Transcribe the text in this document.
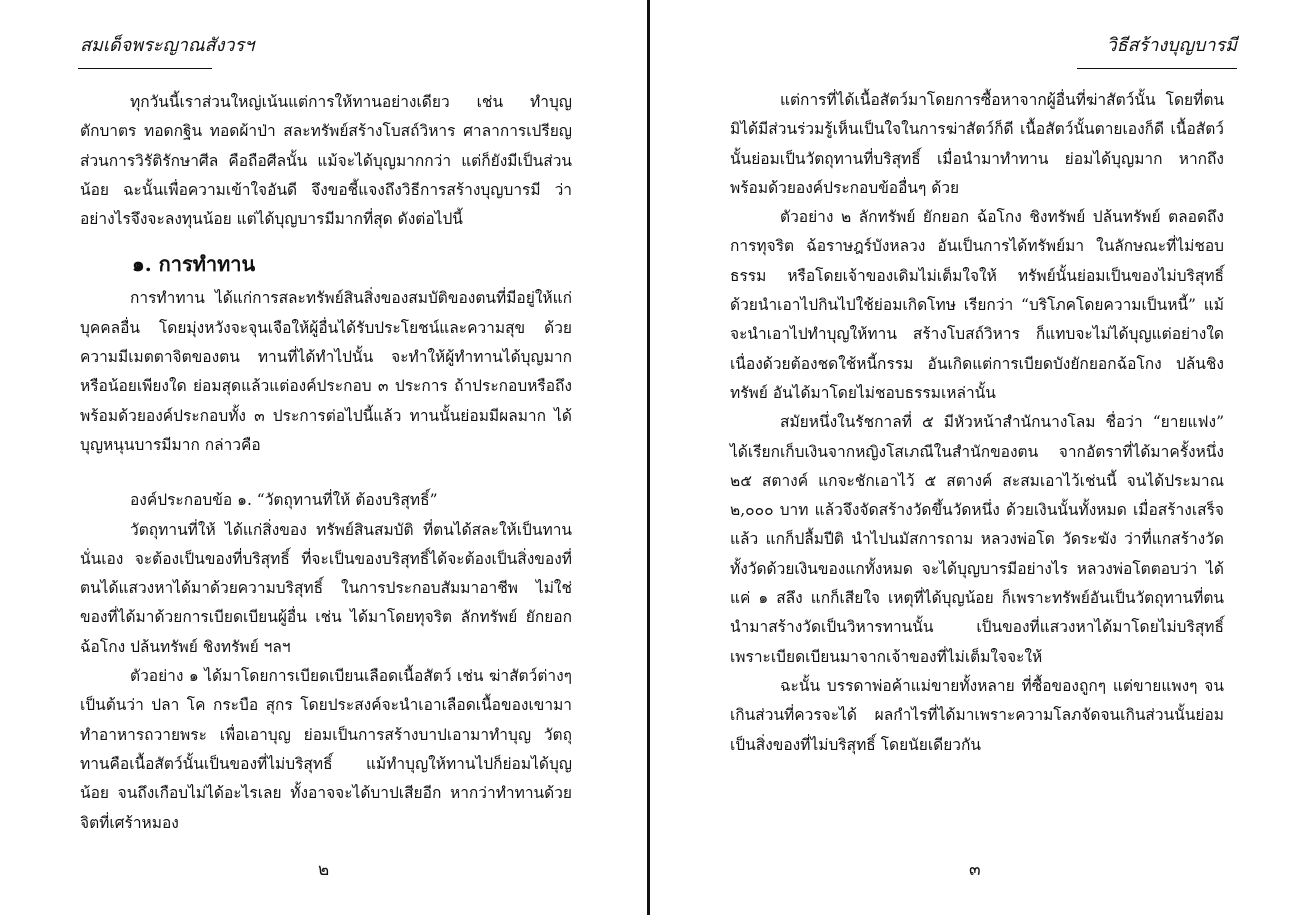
สมเด็จพระญาณสังวรฯ

ทุกวันนี้เราส่วนใหญ่เน้นแต่การให้ทานอย่างเดียว เช่น ทำบุญตักบาตร ทอดกฐิน ทอดผ้าป่า สละทรัพย์สร้างโบสถ์วิหาร ศาลาการเปรียญ ส่วนการวิรัติรักษาศีล คือถือศีลนั้น แม้จะได้บุญมากกว่า แต่ก็ยังมีเป็นส่วนน้อย ฉะนั้นเพื่อความเข้าใจอันดี จึงขอชี้แจงถึงวิธีการสร้างบุญบารมี ว่าอย่างไรจึงจะลงทุนน้อย แต่ได้บุญบารมีมากที่สุด ดังต่อไปนี้

๑. การทำทาน

การทำทาน ได้แก่การสละทรัพย์สินสิ่งของสมบัติของตนที่มีอยู่ให้แก่บุคคลอื่น โดยมุ่งหวังจะจุนเจือให้ผู้อื่นได้รับประโยชน์และความสุข ด้วยความมีเมตตาจิตของตน ทานที่ได้ทำไปนั้น จะทำให้ผู้ทำทานได้บุญมากหรือน้อยเพียงใด ย่อมสุดแล้วแต่องค์ประกอบ ๓ ประการ ถ้าประกอบหรือถึงพร้อมด้วยองค์ประกอบทั้ง ๓ ประการต่อไปนี้แล้ว ทานนั้นย่อมมีผลมาก ได้บุญหนุนบารมีมาก กล่าวคือ

องค์ประกอบข้อ ๑. “วัตถุทานที่ให้ ต้องบริสุทธิ์”

วัตถุทานที่ให้ ได้แก่สิ่งของ ทรัพย์สินสมบัติ ที่ตนได้สละให้เป็นทานนั่นเอง จะต้องเป็นของที่บริสุทธิ์ ที่จะเป็นของบริสุทธิ์ได้จะต้องเป็นสิ่งของที่ตนได้แสวงหาได้มาด้วยความบริสุทธิ์ ในการประกอบสัมมาอาชีพ ไม่ใช่ของที่ได้มาด้วยการเบียดเบียนผู้อื่น เช่น ได้มาโดยทุจริต ลักทรัพย์ ยักยอก ฉ้อโกง ปล้นทรัพย์ ชิงทรัพย์ ฯลฯ

ตัวอย่าง ๑ ได้มาโดยการเบียดเบียนเลือดเนื้อสัตว์ เช่น ฆ่าสัตว์ต่างๆ เป็นต้นว่า ปลา โค กระบือ สุกร โดยประสงค์จะนำเอาเลือดเนื้อของเขามาทำอาหารถวายพระ เพื่อเอาบุญ ย่อมเป็นการสร้างบาปเอามาทำบุญ วัตถุทานคือเนื้อสัตว์นั้นเป็นของที่ไม่บริสุทธิ์ แม้ทำบุญให้ทานไปก็ย่อมได้บุญน้อย จนถึงเกือบไม่ได้อะไรเลย ทั้งอาจจะได้บาปเสียอีก หากว่าทำทานด้วยจิตที่เศร้าหมอง

๒
วิธีสร้างบุญบารมี

แต่การที่ได้เนื้อสัตว์มาโดยการซื้อหาจากผู้อื่นที่ฆ่าสัตว์นั้น โดยที่ตนมิได้มีส่วนร่วมรู้เห็นเป็นใจในการฆ่าสัตว์ก็ดี เนื้อสัตว์นั้นตายเองก็ดี เนื้อสัตว์นั้นย่อมเป็นวัตถุทานที่บริสุทธิ์ เมื่อนำมาทำทาน ย่อมได้บุญมาก หากถึงพร้อมด้วยองค์ประกอบข้ออื่นๆ ด้วย

ตัวอย่าง ๒ ลักทรัพย์ ยักยอก ฉ้อโกง ชิงทรัพย์ ปล้นทรัพย์ ตลอดถึงการทุจริต ฉ้อราษฎร์บังหลวง อันเป็นการได้ทรัพย์มา ในลักษณะที่ไม่ชอบธรรม หรือโดยเจ้าของเดิมไม่เต็มใจให้ ทรัพย์นั้นย่อมเป็นของไม่บริสุทธิ์ ด้วยนำเอาไปกินไปใช้ย่อมเกิดโทษ เรียกว่า “บริโภคโดยความเป็นหนี้” แม้จะนำเอาไปทำบุญให้ทาน สร้างโบสถ์วิหาร ก็แทบจะไม่ได้บุญแต่อย่างใด เนื่องด้วยต้องชดใช้หนี้กรรม อันเกิดแต่การเบียดบังยักยอกฉ้อโกง ปล้นชิงทรัพย์ อันได้มาโดยไม่ชอบธรรมเหล่านั้น

สมัยหนึ่งในรัชกาลที่ ๕ มีหัวหน้าสำนักนางโลม ชื่อว่า “ยายแฟง” ได้เรียกเก็บเงินจากหญิงโสเภณีในสำนักของตน จากอัตราที่ได้มาครั้งหนึ่ง ๒๕ สตางค์ แกจะชักเอาไว้ ๕ สตางค์ สะสมเอาไว้เช่นนี้ จนได้ประมาณ ๒,๐๐๐ บาท แล้วจึงจัดสร้างวัดขึ้นวัดหนึ่ง ด้วยเงินนั้นทั้งหมด เมื่อสร้างเสร็จแล้ว แกก็ปลื้มปีติ นำไปนมัสการถาม หลวงพ่อโต วัดระฆัง ว่าที่แกสร้างวัดทั้งวัดด้วยเงินของแกทั้งหมด จะได้บุญบารมีอย่างไร หลวงพ่อโตตอบว่า ได้แค่ ๑ สลึง แกก็เสียใจ เหตุที่ได้บุญน้อย ก็เพราะทรัพย์อันเป็นวัตถุทานที่ตนนำมาสร้างวัดเป็นวิหารทานนั้น เป็นของที่แสวงหาได้มาโดยไม่บริสุทธิ์ เพราะเบียดเบียนมาจากเจ้าของที่ไม่เต็มใจจะให้

ฉะนั้น บรรดาพ่อค้าแม่ขายทั้งหลาย ที่ซื้อของถูกๆ แต่ขายแพงๆ จนเกินส่วนที่ควรจะได้ ผลกำไรที่ได้มาเพราะความโลภจัดจนเกินส่วนนั้นย่อมเป็นสิ่งของที่ไม่บริสุทธิ์ โดยนัยเดียวกัน

๓
